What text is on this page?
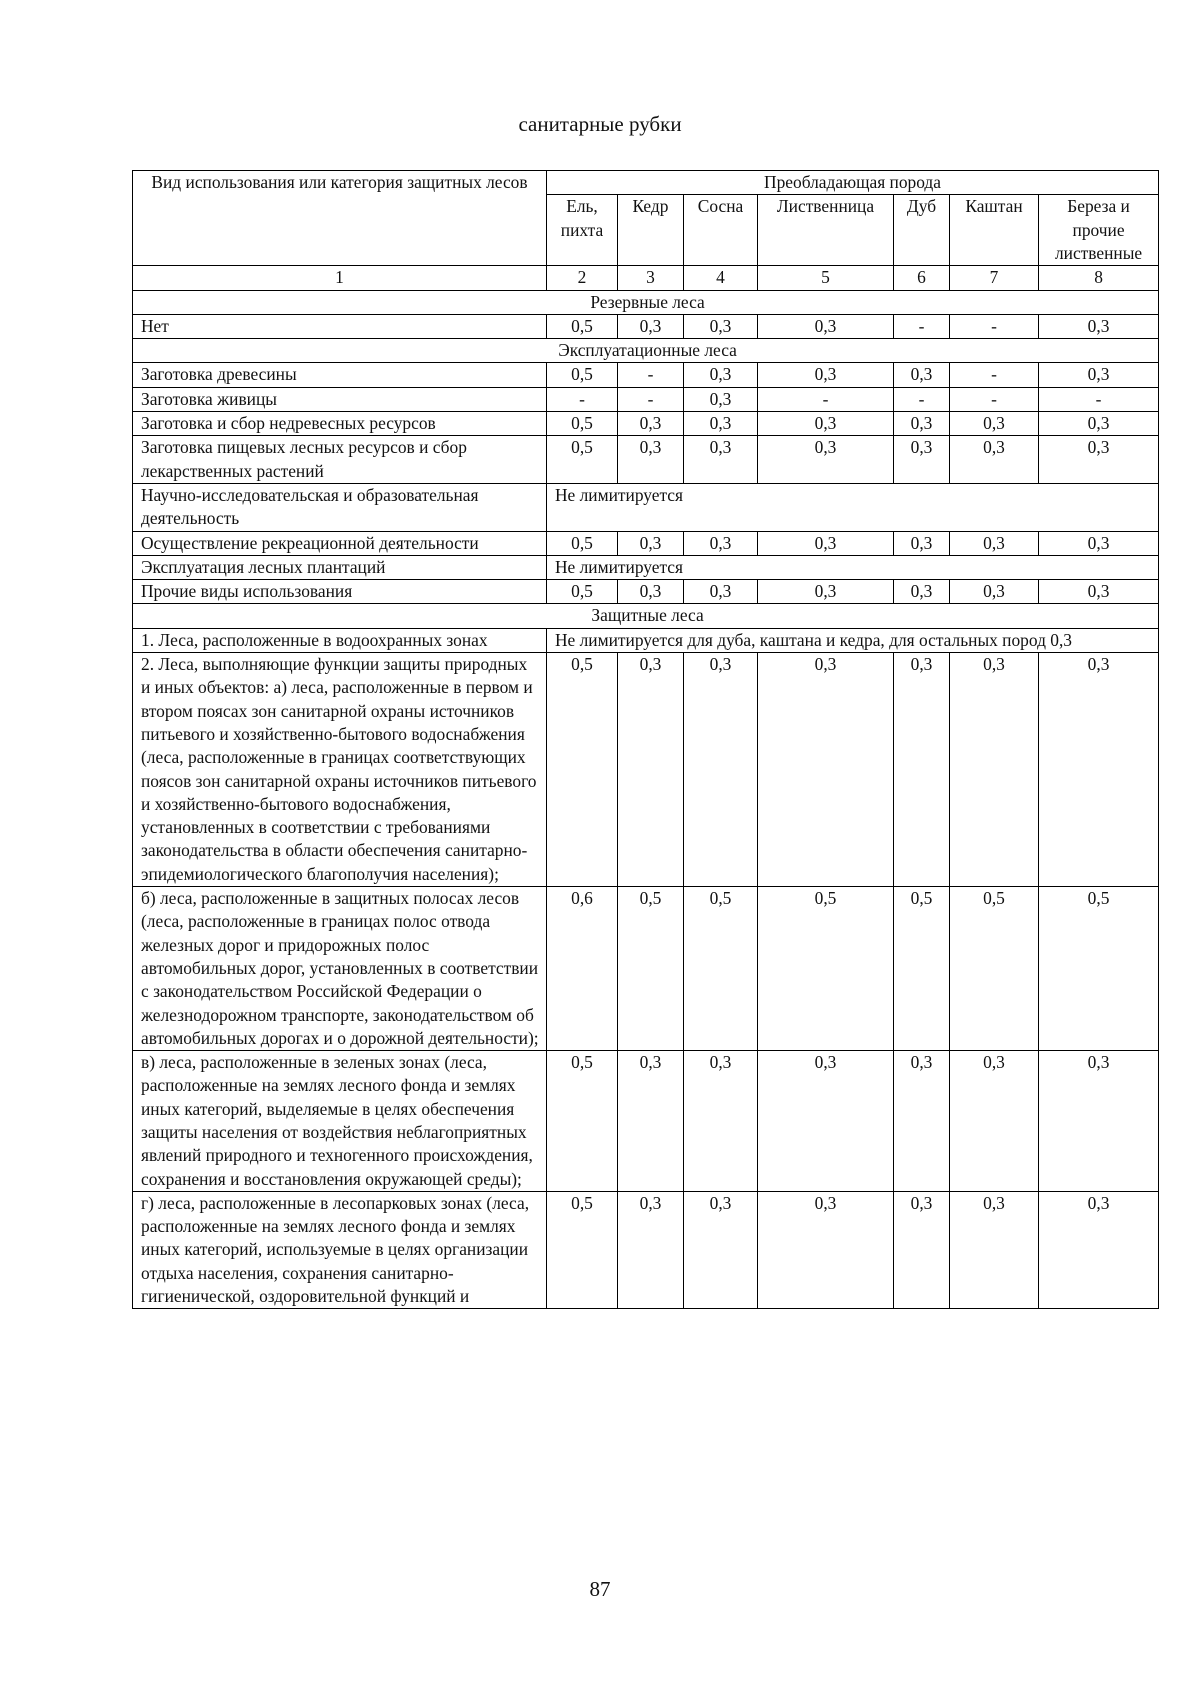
санитарные рубки
Вид использования или категория защитных лесов	Преобладающая порода						
	Ель, пихта	Кедр	Сосна	Лиственница	Дуб	Каштан	Береза и прочие лиственные
1	2	3	4	5	6	7	8
Резервные леса							
Нет	0,5	0,3	0,3	0,3	-	-	0,3
Эксплуатационные леса							
Заготовка древесины	0,5	-	0,3	0,3	0,3	-	0,3
Заготовка живицы	-	-	0,3	-	-	-	-
Заготовка и сбор недревесных ресурсов	0,5	0,3	0,3	0,3	0,3	0,3	0,3
Заготовка пищевых лесных ресурсов и сбор лекарственных растений	0,5	0,3	0,3	0,3	0,3	0,3	0,3
Научно-исследовательская и образовательная деятельность	Не лимитируется						
Осуществление рекреационной деятельности	0,5	0,3	0,3	0,3	0,3	0,3	0,3
Эксплуатация лесных плантаций	Не лимитируется						
Прочие виды использования	0,5	0,3	0,3	0,3	0,3	0,3	0,3
Защитные леса							
1. Леса, расположенные в водоохранных зонах	Не лимитируется для дуба, каштана и кедра, для остальных пород 0,3						
2. Леса, выполняющие функции защиты природных и иных объектов: а) леса, расположенные в первом и втором поясах зон санитарной охраны источников питьевого и хозяйственно-бытового водоснабжения (леса, расположенные в границах соответствующих поясов зон санитарной охраны источников питьевого и хозяйственно-бытового водоснабжения, установленных в соответствии с требованиями законодательства в области обеспечения санитарно-эпидемиологического благополучия населения);	0,5	0,3	0,3	0,3	0,3	0,3	0,3
б) леса, расположенные в защитных полосах лесов (леса, расположенные в границах полос отвода железных дорог и придорожных полос автомобильных дорог, установленных в соответствии с законодательством Российской Федерации о железнодорожном транспорте, законодательством об автомобильных дорогах и о дорожной деятельности);	0,6	0,5	0,5	0,5	0,5	0,5	0,5
в) леса, расположенные в зеленых зонах (леса, расположенные на землях лесного фонда и землях иных категорий, выделяемые в целях обеспечения защиты населения от воздействия неблагоприятных явлений природного и техногенного происхождения, сохранения и восстановления окружающей среды);	0,5	0,3	0,3	0,3	0,3	0,3	0,3
г) леса, расположенные в лесопарковых зонах (леса, расположенные на землях лесного фонда и землях иных категорий, используемые в целях организации отдыха населения, сохранения санитарно-гигиенической, оздоровительной функций и	0,5	0,3	0,3	0,3	0,3	0,3	0,3
87
